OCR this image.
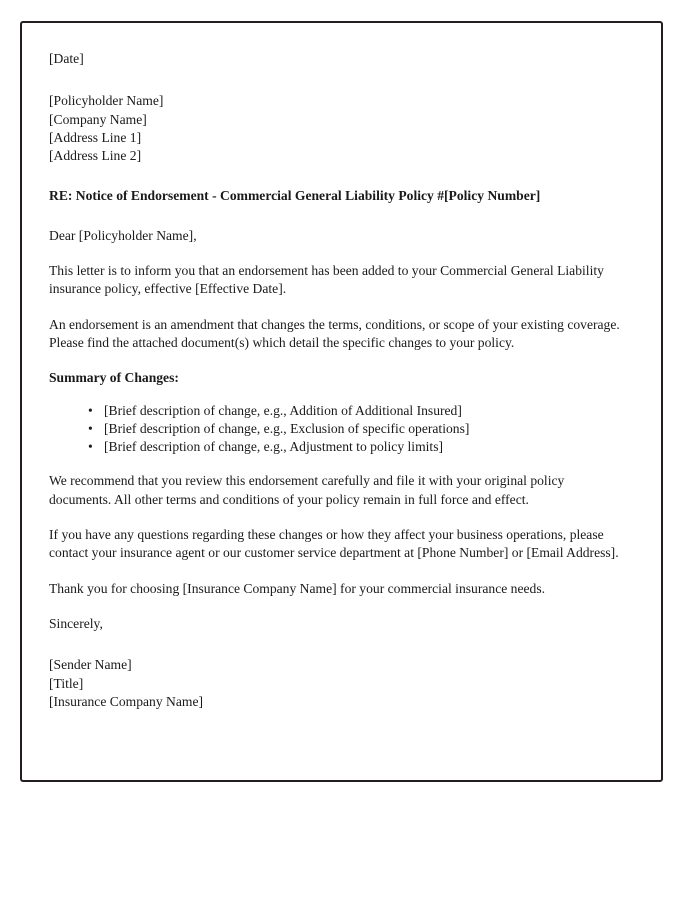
[Date]
[Policyholder Name]
[Company Name]
[Address Line 1]
[Address Line 2]

RE: Notice of Endorsement - Commercial General Liability Policy #[Policy Number]

Dear [Policyholder Name],

This letter is to inform you that an endorsement has been added to your Commercial General Liability insurance policy, effective [Effective Date].

An endorsement is an amendment that changes the terms, conditions, or scope of your existing coverage. Please find the attached document(s) which detail the specific changes to your policy.

Summary of Changes:

• [Brief description of change, e.g., Addition of Additional Insured]
• [Brief description of change, e.g., Exclusion of specific operations]
• [Brief description of change, e.g., Adjustment to policy limits]

We recommend that you review this endorsement carefully and file it with your original policy documents. All other terms and conditions of your policy remain in full force and effect.

If you have any questions regarding these changes or how they affect your business operations, please contact your insurance agent or our customer service department at [Phone Number] or [Email Address].

Thank you for choosing [Insurance Company Name] for your commercial insurance needs.

Sincerely,

[Sender Name]
[Title]
[Insurance Company Name]
